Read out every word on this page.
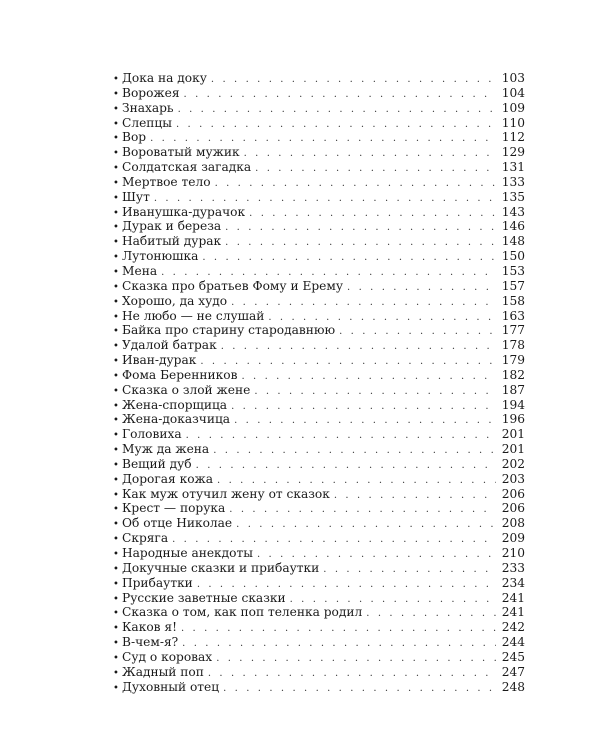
• Дока на доку . . .	103
• Ворожея . . .	104
• Знахарь . . .	109
• Слепцы . . .	110
• Вор . . .	112
• Вороватый мужик . . .	129
• Солдатская загадка . . .	131
• Мертвое тело . . .	133
• Шут . . .	135
• Иванушка-дурачок . . .	143
• Дурак и береза . . .	146
• Набитый дурак . . .	148
• Лутонюшка . . .	150
• Мена . . .	153
• Сказка про братьев Фому и Ерему . . .	157
• Хорошо, да худо . . .	158
• Не любо — не слушай . . .	163
• Байка про старину стародавнюю . . .	177
• Удалой батрак . . .	178
• Иван-дурак . . .	179
• Фома Беренников . . .	182
• Сказка о злой жене . . .	187
• Жена-спорщица . . .	194
• Жена-доказчица . . .	196
• Головиха . . .	201
• Муж да жена . . .	201
• Вещий дуб . . .	202
• Дорогая кожа . . .	203
• Как муж отучил жену от сказок . . .	206
• Крест — порука . . .	206
• Об отце Николае . . .	208
• Скряга . . .	209
• Народные анекдоты . . .	210
• Докучные сказки и прибаутки . . .	233
• Прибаутки . . .	234
• Русские заветные сказки . . .	241
• Сказка о том, как поп теленка родил . . .	241
• Каков я! . . .	242
• В-чем-я? . . .	244
• Суд о коровах . . .	245
• Жадный поп . . .	247
• Духовный отец . . .	248
